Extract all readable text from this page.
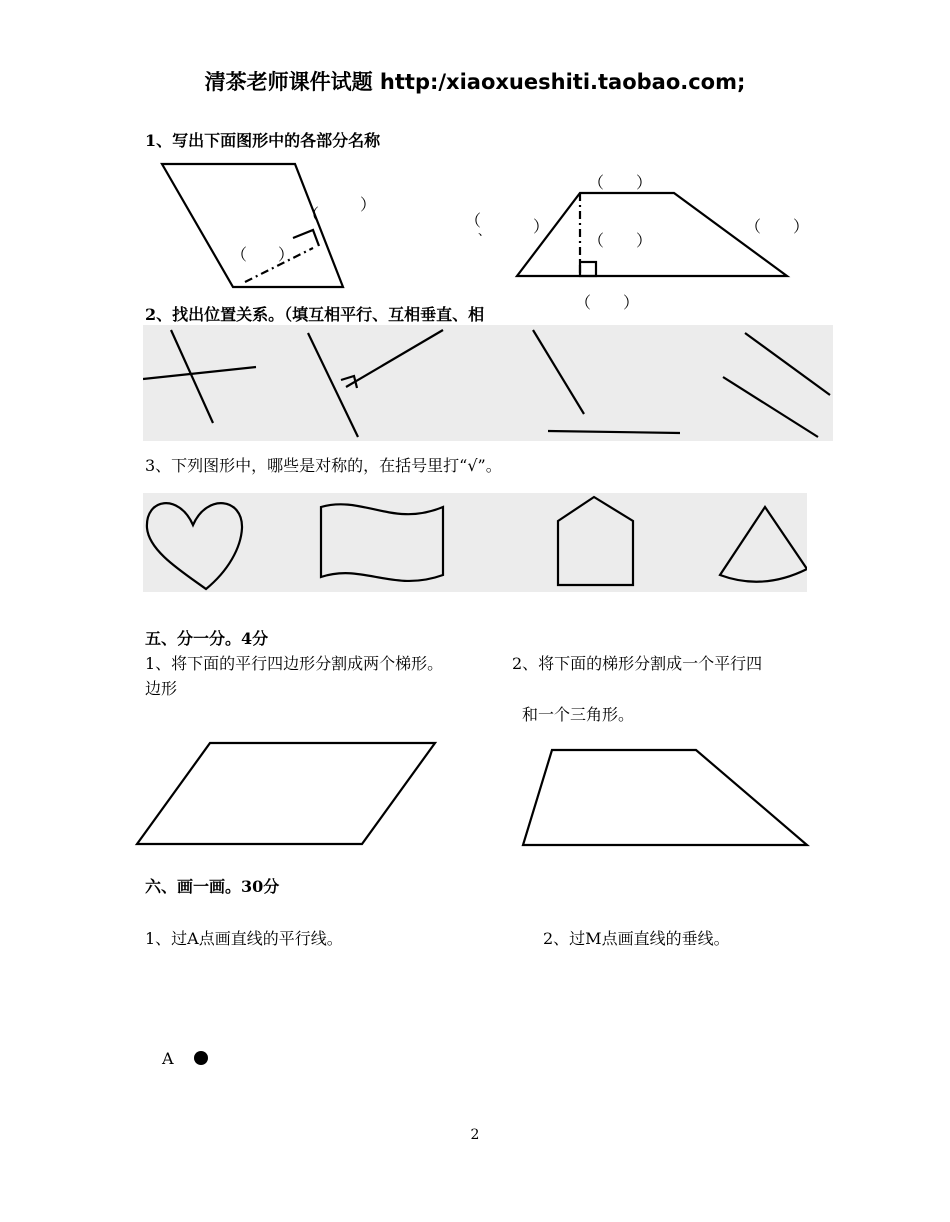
清茶老师课件试题 http:/xiaoxueshiti.taobao.com;
1、写出下面图形中的各部分名称
（
）
（ ）
（
、	）
（　　）
（　　）
（　　）
（　　）
2、找出位置关系。（填互相平行、互相垂直、相
3、下列图形中，哪些是对称的，在括号里打“√”。
五、分一分。4分
1、将下面的平行四边形分割成两个梯形。
边形
2、将下面的梯形分割成一个平行四
和一个三角形。
六、画一画。30分
1、过A点画直线的平行线。	2、过M点画直线的垂线。
A
2
